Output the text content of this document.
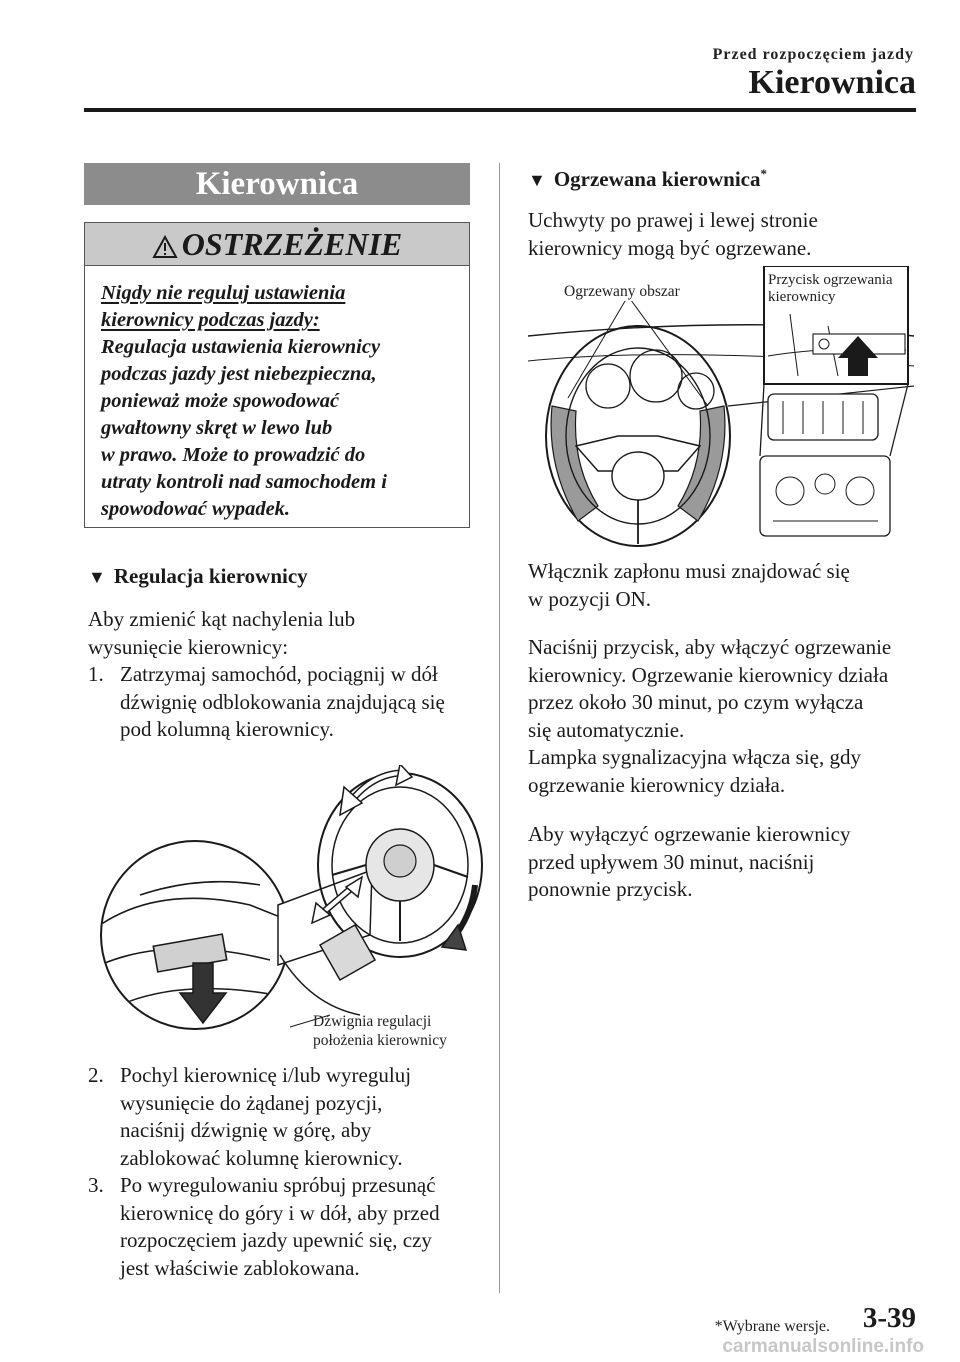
Przed rozpoczęciem jazdy
Kierownica
Kierownica
OSTRZEŻENIE
Nigdy nie reguluj ustawienia
kierownicy podczas jazdy:
Regulacja ustawienia kierownicy
podczas jazdy jest niebezpieczna,
ponieważ może spowodować
gwałtowny skręt w lewo lub
w prawo. Może to prowadzić do
utraty kontroli nad samochodem i
spowodować wypadek.
▼ Regulacja kierownicy
Aby zmienić kąt nachylenia lub
wysunięcie kierownicy:
1. Zatrzymaj samochód, pociągnij w dół
dźwignię odblokowania znajdującą się
pod kolumną kierownicy.
Dźwignia regulacji
położenia kierownicy
2. Pochyl kierownicę i/lub wyreguluj
wysunięcie do żądanej pozycji,
naciśnij dźwignię w górę, aby
zablokować kolumnę kierownicy.
3. Po wyregulowaniu spróbuj przesunąć
kierownicę do góry i w dół, aby przed
rozpoczęciem jazdy upewnić się, czy
jest właściwie zablokowana.
▼ Ogrzewana kierownica*
Uchwyty po prawej i lewej stronie
kierownicy mogą być ogrzewane.
Ogrzewany obszar
Przycisk ogrzewania
kierownicy
Włącznik zapłonu musi znajdować się
w pozycji ON.
Naciśnij przycisk, aby włączyć ogrzewanie
kierownicy. Ogrzewanie kierownicy działa
przez około 30 minut, po czym wyłącza
się automatycznie.
Lampka sygnalizacyjna włącza się, gdy
ogrzewanie kierownicy działa.
Aby wyłączyć ogrzewanie kierownicy
przed upływem 30 minut, naciśnij
ponownie przycisk.
*Wybrane wersje. 3-39
carmanualsonline.info
